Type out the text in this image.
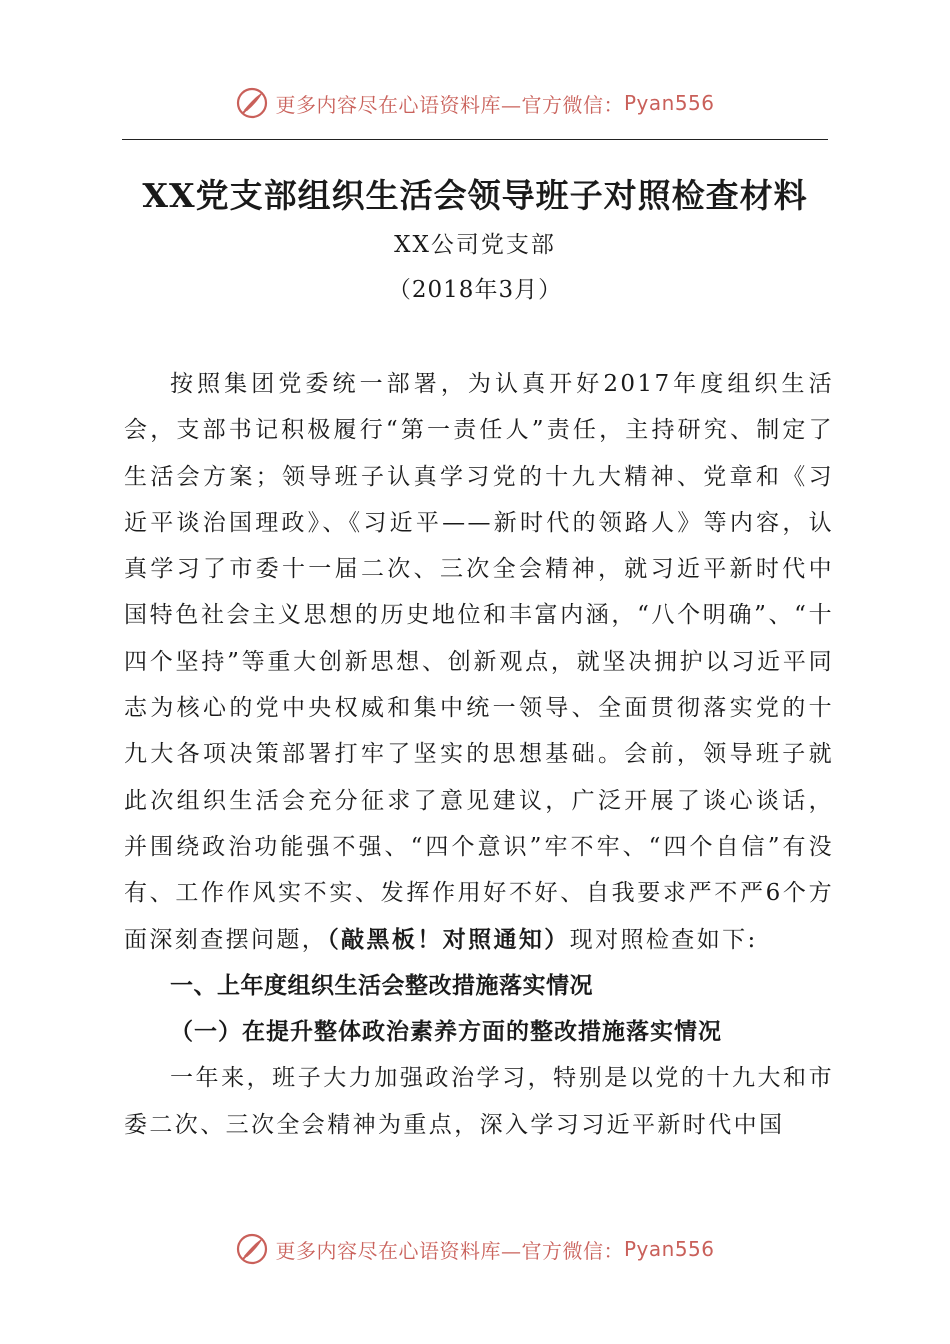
更多内容尽在心语资料库—官方微信： Pyan556
XX党支部组织生活会领导班子对照检查材料
XX公司党支部
（2018年3月）

按照集团党委统一部署，为认真开好2017年度组织生活会，支部书记积极履行“第一责任人”责任，主持研究、制定了生活会方案；领导班子认真学习党的十九大精神、党章和《习近平谈治国理政》、《习近平——新时代的领路人》等内容，认真学习了市委十一届二次、三次全会精神，就习近平新时代中国特色社会主义思想的历史地位和丰富内涵，“八个明确”、“十四个坚持”等重大创新思想、创新观点，就坚决拥护以习近平同志为核心的党中央权威和集中统一领导、全面贯彻落实党的十九大各项决策部署打牢了坚实的思想基础。会前，领导班子就此次组织生活会充分征求了意见建议，广泛开展了谈心谈话，并围绕政治功能强不强、“四个意识”牢不牢、“四个自信”有没有、工作作风实不实、发挥作用好不好、自我要求严不严6个方面深刻查摆问题，（敲黑板！对照通知）现对照检查如下:

一、上年度组织生活会整改措施落实情况

（一）在提升整体政治素养方面的整改措施落实情况

一年来，班子大力加强政治学习，特别是以党的十九大和市委二次、三次全会精神为重点，深入学习习近平新时代中国

更多内容尽在心语资料库—官方微信： Pyan556
